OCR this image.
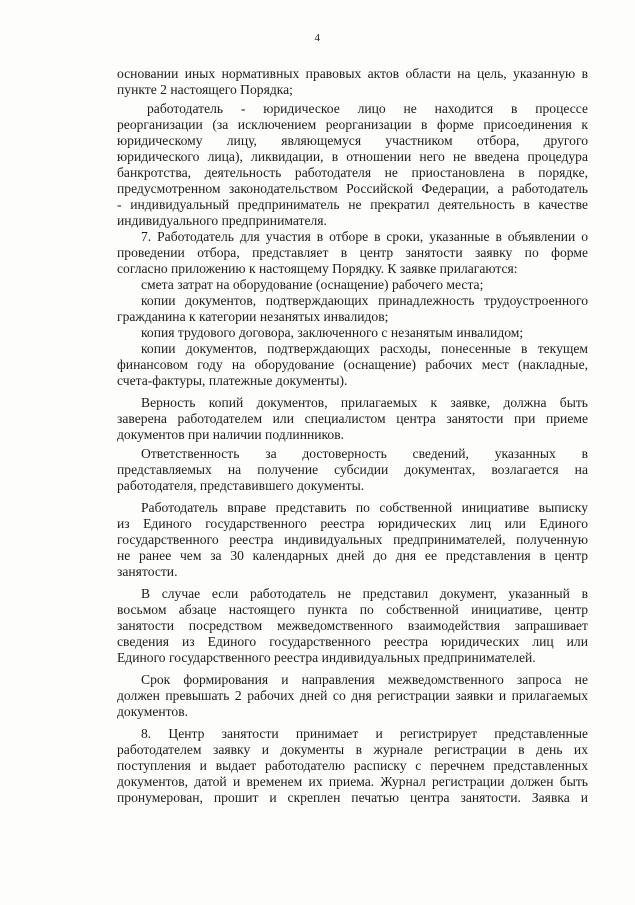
4

основании иных нормативных правовых актов области на цель, указанную в
пункте 2 настоящего Порядка;

работодатель - юридическое лицо не находится в процессе
реорганизации (за исключением реорганизации в форме присоединения к
юридическому лицу, являющемуся участником отбора, другого
юридического лица), ликвидации, в отношении него не введена процедура
банкротства, деятельность работодателя не приостановлена в порядке,
предусмотренном законодательством Российской Федерации, а работодатель
- индивидуальный предприниматель не прекратил деятельность в качестве
индивидуального предпринимателя.

7. Работодатель для участия в отборе в сроки, указанные в объявлении о
проведении отбора, представляет в центр занятости заявку по форме
согласно приложению к настоящему Порядку. К заявке прилагаются:

смета затрат на оборудование (оснащение) рабочего места;

копии документов, подтверждающих принадлежность трудоустроенного
гражданина к категории незанятых инвалидов;

копия трудового договора, заключенного с незанятым инвалидом;

копии документов, подтверждающих расходы, понесенные в текущем
финансовом году на оборудование (оснащение) рабочих мест (накладные,
счета-фактуры, платежные документы).

Верность копий документов, прилагаемых к заявке, должна быть
заверена работодателем или специалистом центра занятости при приеме
документов при наличии подлинников.

Ответственность за достоверность сведений, указанных в
представляемых на получение субсидии документах, возлагается на
работодателя, представившего документы.

Работодатель вправе представить по собственной инициативе выписку
из Единого государственного реестра юридических лиц или Единого
государственного реестра индивидуальных предпринимателей, полученную
не ранее чем за 30 календарных дней до дня ее представления в центр
занятости.

В случае если работодатель не представил документ, указанный в
восьмом абзаце настоящего пункта по собственной инициативе, центр
занятости посредством межведомственного взаимодействия запрашивает
сведения из Единого государственного реестра юридических лиц или
Единого государственного реестра индивидуальных предпринимателей.

Срок формирования и направления межведомственного запроса не
должен превышать 2 рабочих дней со дня регистрации заявки и прилагаемых
документов.

8. Центр занятости принимает и регистрирует представленные
работодателем заявку и документы в журнале регистрации в день их
поступления и выдает работодателю расписку с перечнем представленных
документов, датой и временем их приема. Журнал регистрации должен быть
пронумерован, прошит и скреплен печатью центра занятости. Заявка и
